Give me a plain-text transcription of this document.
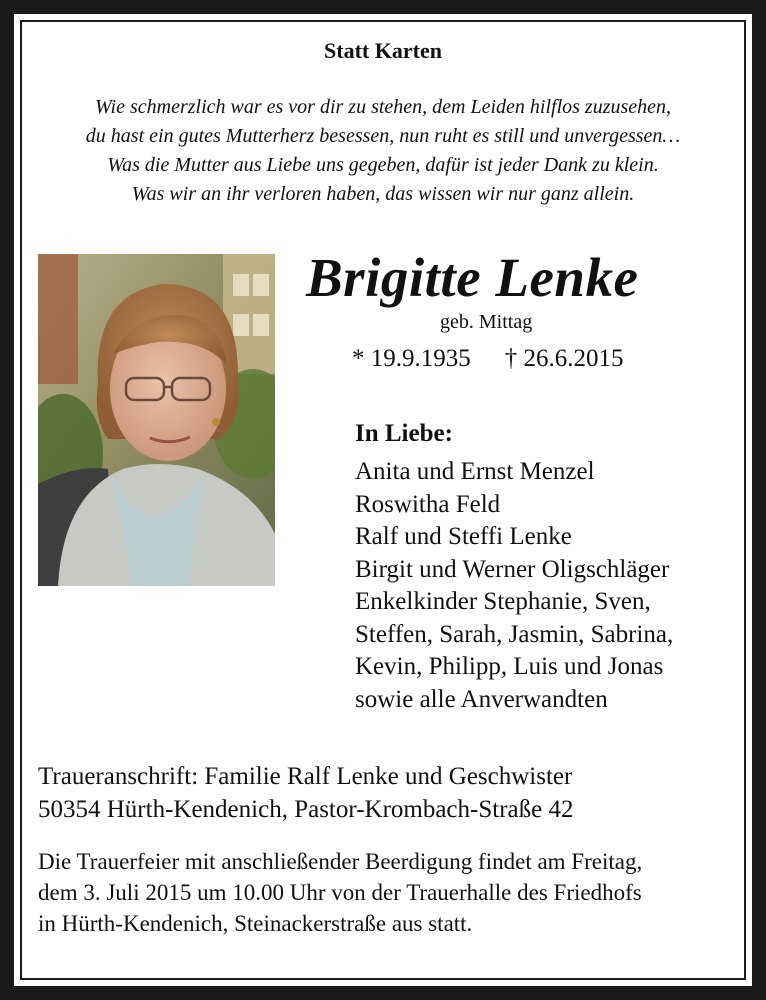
Statt Karten
Wie schmerzlich war es vor dir zu stehen, dem Leiden hilflos zuzusehen,
du hast ein gutes Mutterherz besessen, nun ruht es still und unvergessen…
Was die Mutter aus Liebe uns gegeben, dafür ist jeder Dank zu klein.
Was wir an ihr verloren haben, das wissen wir nur ganz allein.
Brigitte Lenke
geb. Mittag
* 19.9.1935 † 26.6.2015
In Liebe:
Anita und Ernst Menzel
Roswitha Feld
Ralf und Steffi Lenke
Birgit und Werner Oligschläger
Enkelkinder Stephanie, Sven,
Steffen, Sarah, Jasmin, Sabrina,
Kevin, Philipp, Luis und Jonas
sowie alle Anverwandten
Traueranschrift: Familie Ralf Lenke und Geschwister
50354 Hürth-Kendenich, Pastor-Krombach-Straße 42
Die Trauerfeier mit anschließender Beerdigung findet am Freitag,
dem 3. Juli 2015 um 10.00 Uhr von der Trauerhalle des Friedhofs
in Hürth-Kendenich, Steinackerstraße aus statt.
